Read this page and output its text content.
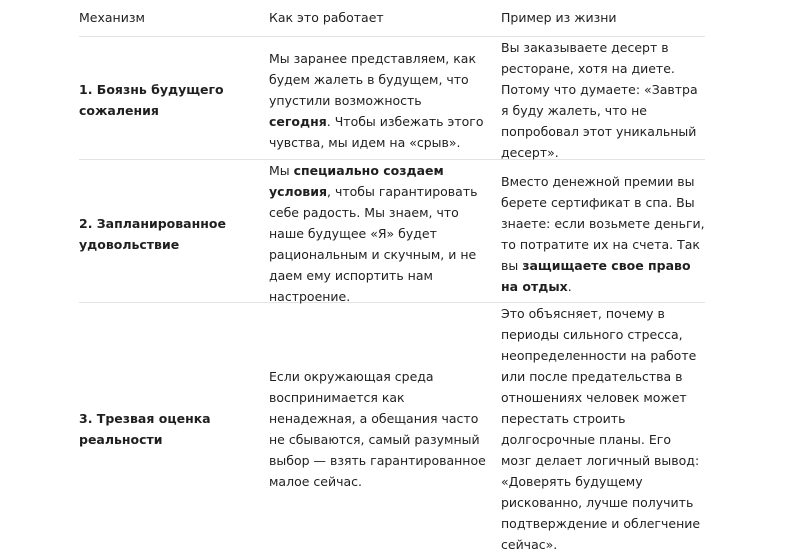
Механизм	Как это работает	Пример из жизни
1. Боязнь будущего сожаления
Мы заранее представляем, как будем жалеть в будущем, что упустили возможность сегодня. Чтобы избежать этого чувства, мы идем на «срыв».
Вы заказываете десерт в ресторане, хотя на диете. Потому что думаете: «Завтра я буду жалеть, что не попробовал этот уникальный десерт».
2. Запланированное удовольствие
Мы специально создаем условия, чтобы гарантировать себе радость. Мы знаем, что наше будущее «Я» будет рациональным и скучным, и не даем ему испортить нам настроение.
Вместо денежной премии вы берете сертификат в спа. Вы знаете: если возьмете деньги, то потратите их на счета. Так вы защищаете свое право на отдых.
3. Трезвая оценка реальности
Если окружающая среда воспринимается как ненадежная, а обещания часто не сбываются, самый разумный выбор — взять гарантированное малое сейчас.
Это объясняет, почему в периоды сильного стресса, неопределенности на работе или после предательства в отношениях человек может перестать строить долгосрочные планы. Его мозг делает логичный вывод: «Доверять будущему рискованно, лучше получить подтверждение и облегчение сейчас».
